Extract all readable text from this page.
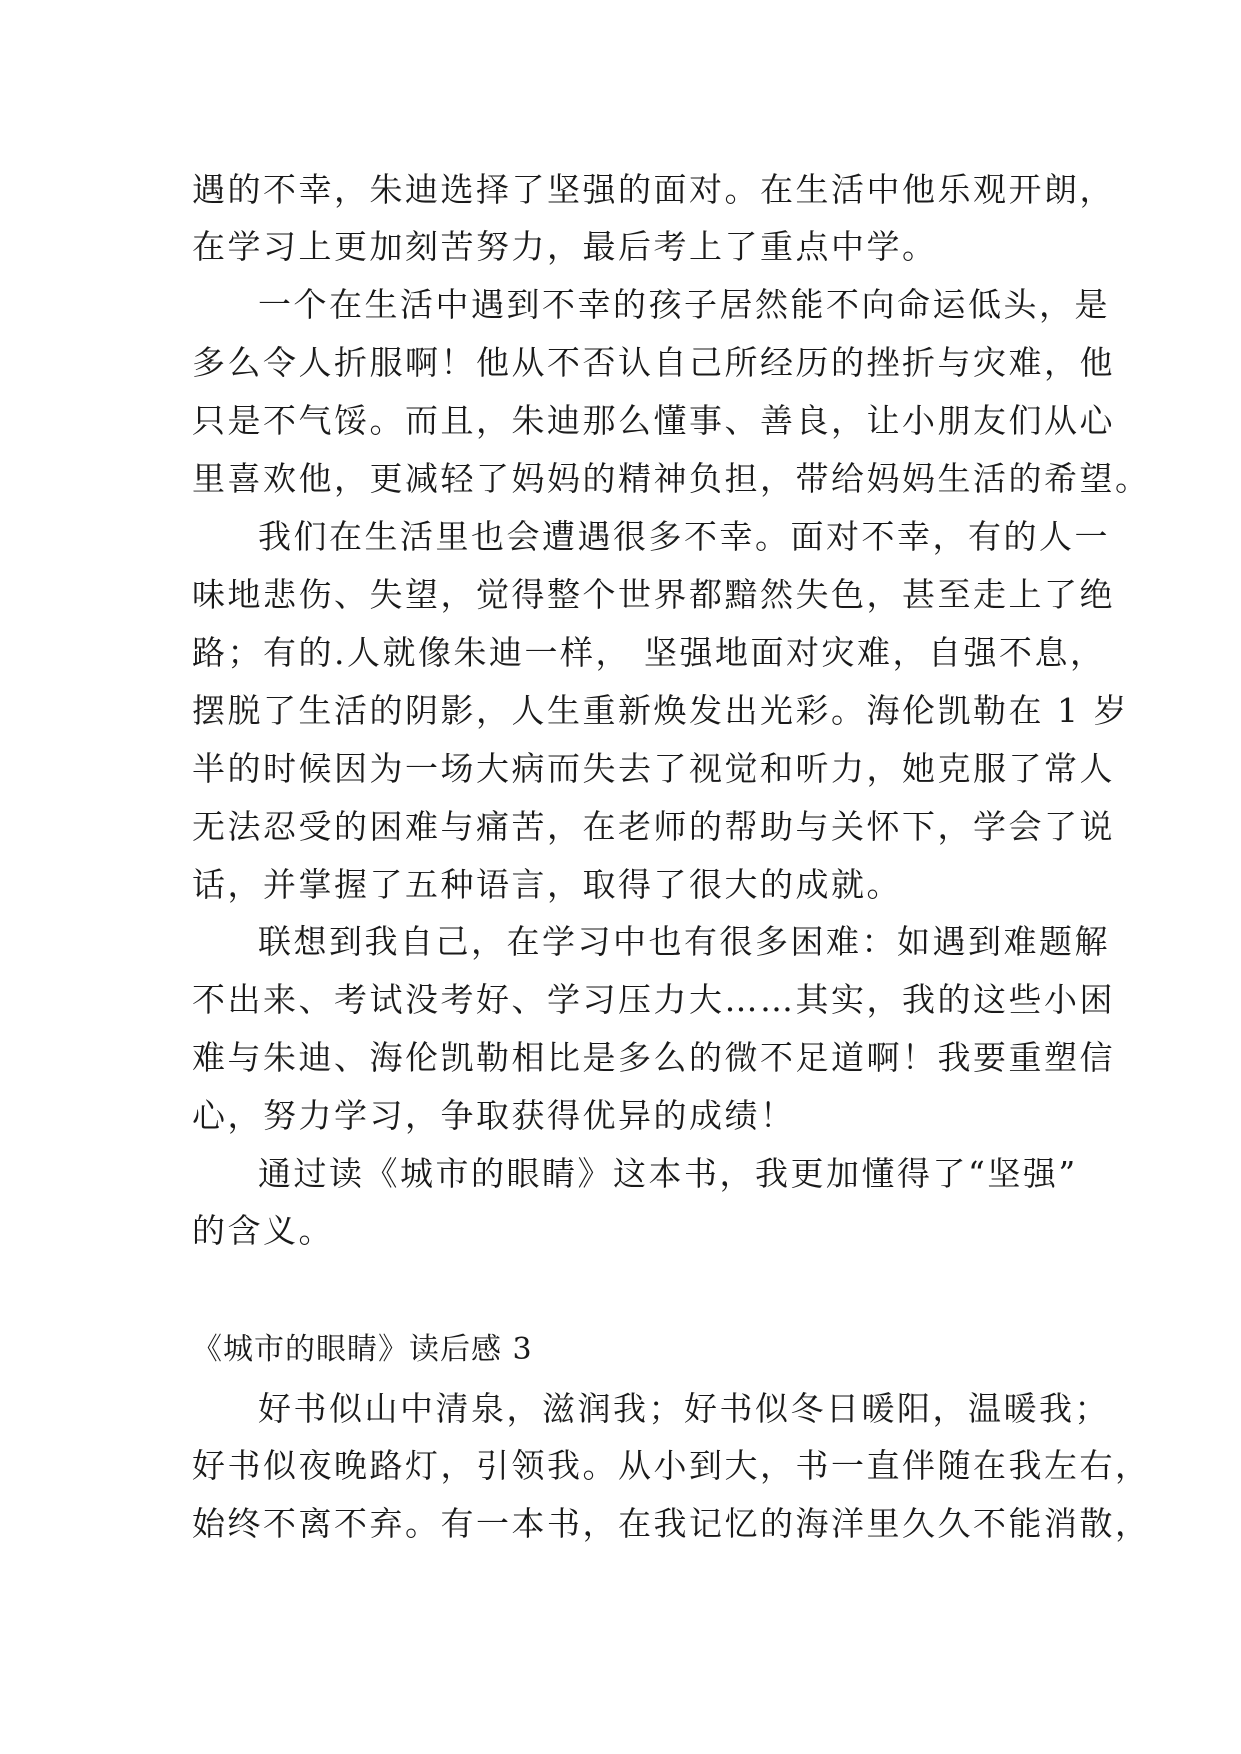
遇的不幸，朱迪选择了坚强的面对。在生活中他乐观开朗，
在学习上更加刻苦努力，最后考上了重点中学。
一个在生活中遇到不幸的孩子居然能不向命运低头，是
多么令人折服啊！他从不否认自己所经历的挫折与灾难，他
只是不气馁。而且，朱迪那么懂事、善良，让小朋友们从心
里喜欢他，更减轻了妈妈的精神负担，带给妈妈生活的希望。
我们在生活里也会遭遇很多不幸。面对不幸，有的人一
味地悲伤、失望，觉得整个世界都黯然失色，甚至走上了绝
路；有的.人就像朱迪一样， 坚强地面对灾难，自强不息，
摆脱了生活的阴影，人生重新焕发出光彩。海伦凯勒在 1 岁
半的时候因为一场大病而失去了视觉和听力，她克服了常人
无法忍受的困难与痛苦，在老师的帮助与关怀下，学会了说
话，并掌握了五种语言，取得了很大的成就。
联想到我自己，在学习中也有很多困难：如遇到难题解
不出来、考试没考好、学习压力大……其实，我的这些小困
难与朱迪、海伦凯勒相比是多么的微不足道啊！我要重塑信
心，努力学习，争取获得优异的成绩！
通过读《城市的眼睛》这本书，我更加懂得了“坚强”
的含义。
《城市的眼睛》读后感 3
好书似山中清泉，滋润我；好书似冬日暖阳，温暖我；
好书似夜晚路灯，引领我。从小到大，书一直伴随在我左右，
始终不离不弃。有一本书，在我记忆的海洋里久久不能消散，
